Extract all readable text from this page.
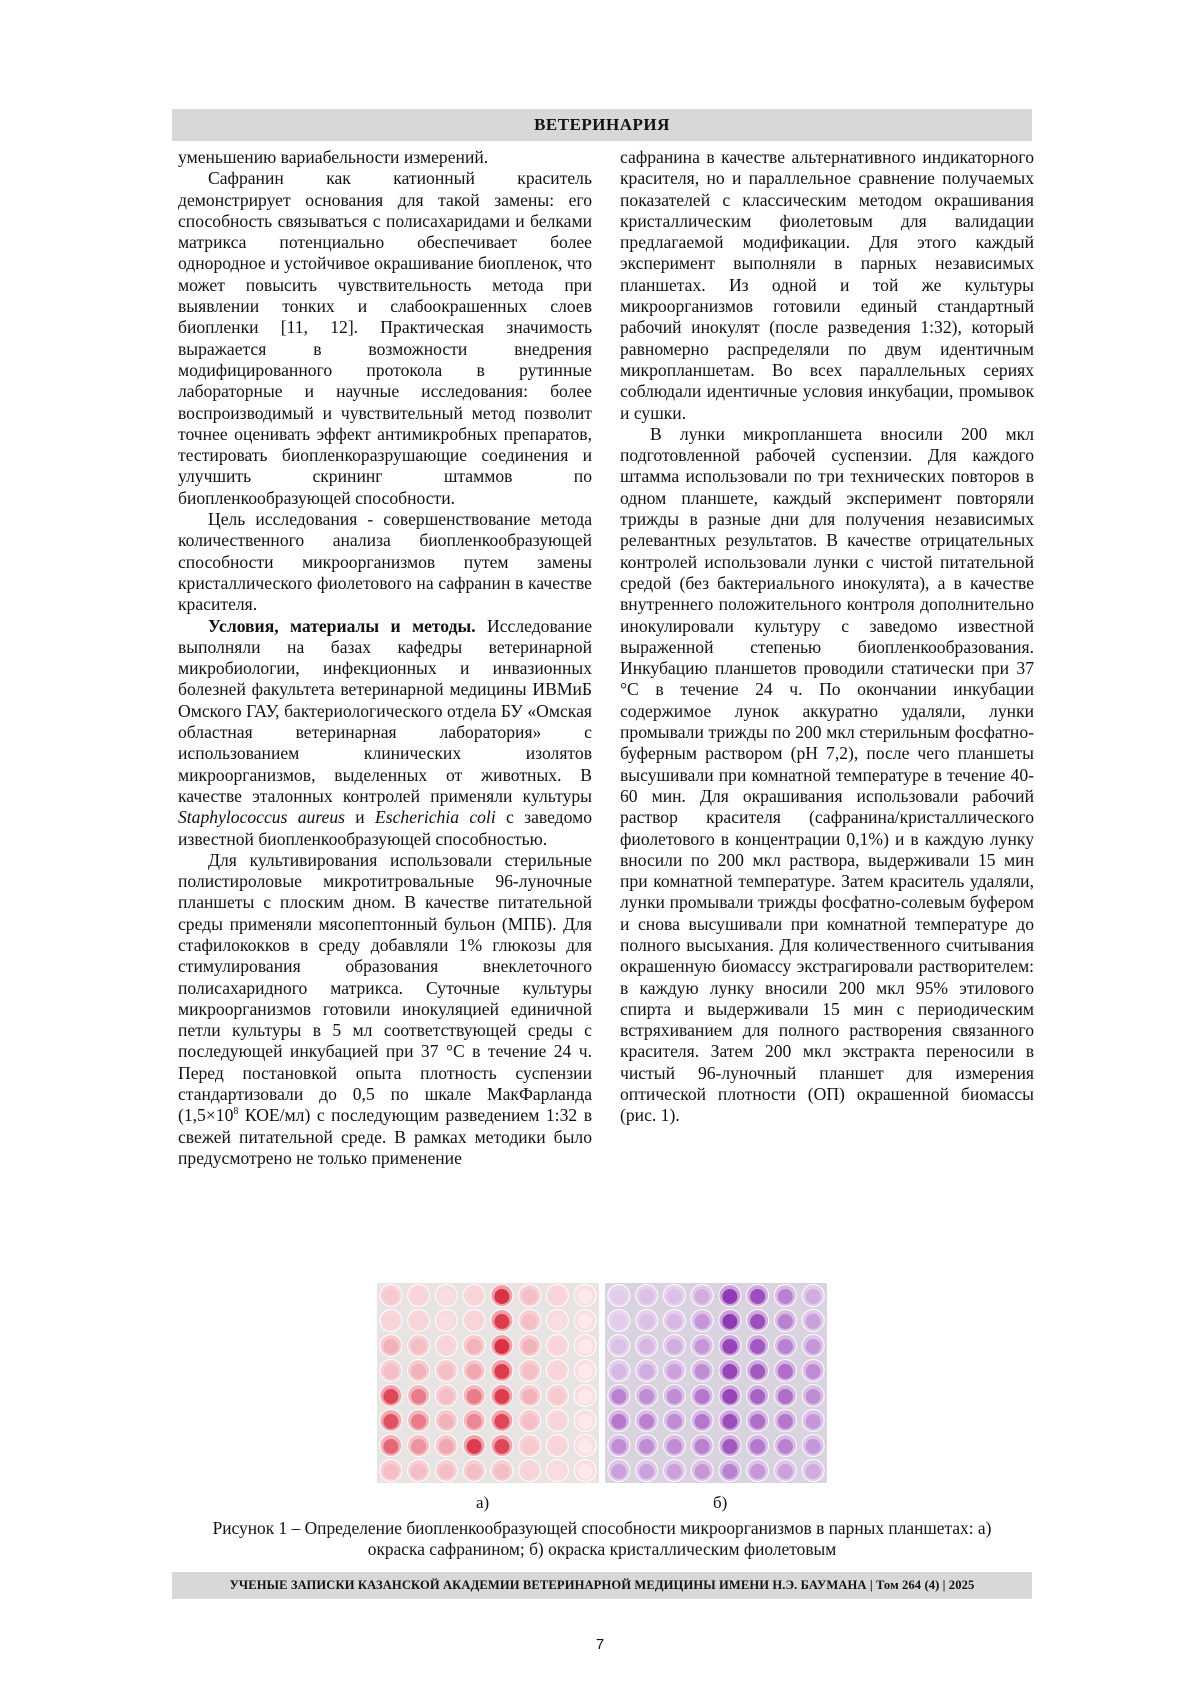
ВЕТЕРИНАРИЯ

уменьшению вариабельности измерений.

Сафранин как катионный краситель демонстрирует основания для такой замены: его способность связываться с полисахаридами и белками матрикса потенциально обеспечивает более однородное и устойчивое окрашивание биопленок, что может повысить чувствительность метода при выявлении тонких и слабоокрашенных слоев биопленки [11, 12]. Практическая значимость выражается в возможности внедрения модифицированного протокола в рутинные лабораторные и научные исследования: более воспроизводимый и чувствительный метод позволит точнее оценивать эффект антимикробных препаратов, тестировать биопленкоразрушающие соединения и улучшить скрининг штаммов по биопленкообразующей способности.

Цель исследования - совершенствование метода количественного анализа биопленкообразующей способности микроорганизмов путем замены кристаллического фиолетового на сафранин в качестве красителя.

Условия, материалы и методы. Исследование выполняли на базах кафедры ветеринарной микробиологии, инфекционных и инвазионных болезней факультета ветеринарной медицины ИВМиБ Омского ГАУ, бактериологического отдела БУ «Омская областная ветеринарная лаборатория» с использованием клинических изолятов микроорганизмов, выделенных от животных. В качестве эталонных контролей применяли культуры Staphylococcus aureus и Escherichia coli с заведомо известной биопленкообразующей способностью.

Для культивирования использовали стерильные полистироловые микротитровальные 96-луночные планшеты с плоским дном. В качестве питательной среды применяли мясопептонный бульон (МПБ). Для стафилококков в среду добавляли 1% глюкозы для стимулирования образования внеклеточного полисахаридного матрикса. Суточные культуры микроорганизмов готовили инокуляцией единичной петли культуры в 5 мл соответствующей среды с последующей инкубацией при 37 °С в течение 24 ч. Перед постановкой опыта плотность суспензии стандартизовали до 0,5 по шкале МакФарланда ($1,5\times 10^8$ КОЕ/мл) с последующим разведением 1:32 в свежей питательной среде. В рамках методики было предусмотрено не только применение

сафранина в качестве альтернативного индикаторного красителя, но и параллельное сравнение получаемых показателей с классическим методом окрашивания кристаллическим фиолетовым для валидации предлагаемой модификации. Для этого каждый эксперимент выполняли в парных независимых планшетах. Из одной и той же культуры микроорганизмов готовили единый стандартный рабочий инокулят (после разведения 1:32), который равномерно распределяли по двум идентичным микропланшетам. Во всех параллельных сериях соблюдали идентичные условия инкубации, промывок и сушки.

В лунки микропланшета вносили 200 мкл подготовленной рабочей суспензии. Для каждого штамма использовали по три технических повторов в одном планшете, каждый эксперимент повторяли трижды в разные дни для получения независимых релевантных результатов. В качестве отрицательных контролей использовали лунки с чистой питательной средой (без бактериального инокулята), а в качестве внутреннего положительного контроля дополнительно инокулировали культуру с заведомо известной выраженной степенью биопленкообразования. Инкубацию планшетов проводили статически при 37 °С в течение 24 ч. По окончании инкубации содержимое лунок аккуратно удаляли, лунки промывали трижды по 200 мкл стерильным фосфатно-буферным раствором (рН 7,2), после чего планшеты высушивали при комнатной температуре в течение 40-60 мин. Для окрашивания использовали рабочий раствор красителя (сафранина/кристаллического фиолетового в концентрации 0,1%) и в каждую лунку вносили по 200 мкл раствора, выдерживали 15 мин при комнатной температуре. Затем краситель удаляли, лунки промывали трижды фосфатно-солевым буфером и снова высушивали при комнатной температуре до полного высыхания. Для количественного считывания окрашенную биомассу экстрагировали растворителем: в каждую лунку вносили 200 мкл 95% этилового спирта и выдерживали 15 мин с периодическим встряхиванием для полного растворения связанного красителя. Затем 200 мкл экстракта переносили в чистый 96-луночный планшет для измерения оптической плотности (ОП) окрашенной биомассы (рис. 1).

а)	б)
Рисунок 1 – Определение биопленкообразующей способности микроорганизмов в парных планшетах: а) окраска сафранином; б) окраска кристаллическим фиолетовым
УЧЕНЫЕ ЗАПИСКИ КАЗАНСКОЙ АКАДЕМИИ ВЕТЕРИНАРНОЙ МЕДИЦИНЫ ИМЕНИ Н.Э. БАУМАНА | Том 264 (4) | 2025
7
